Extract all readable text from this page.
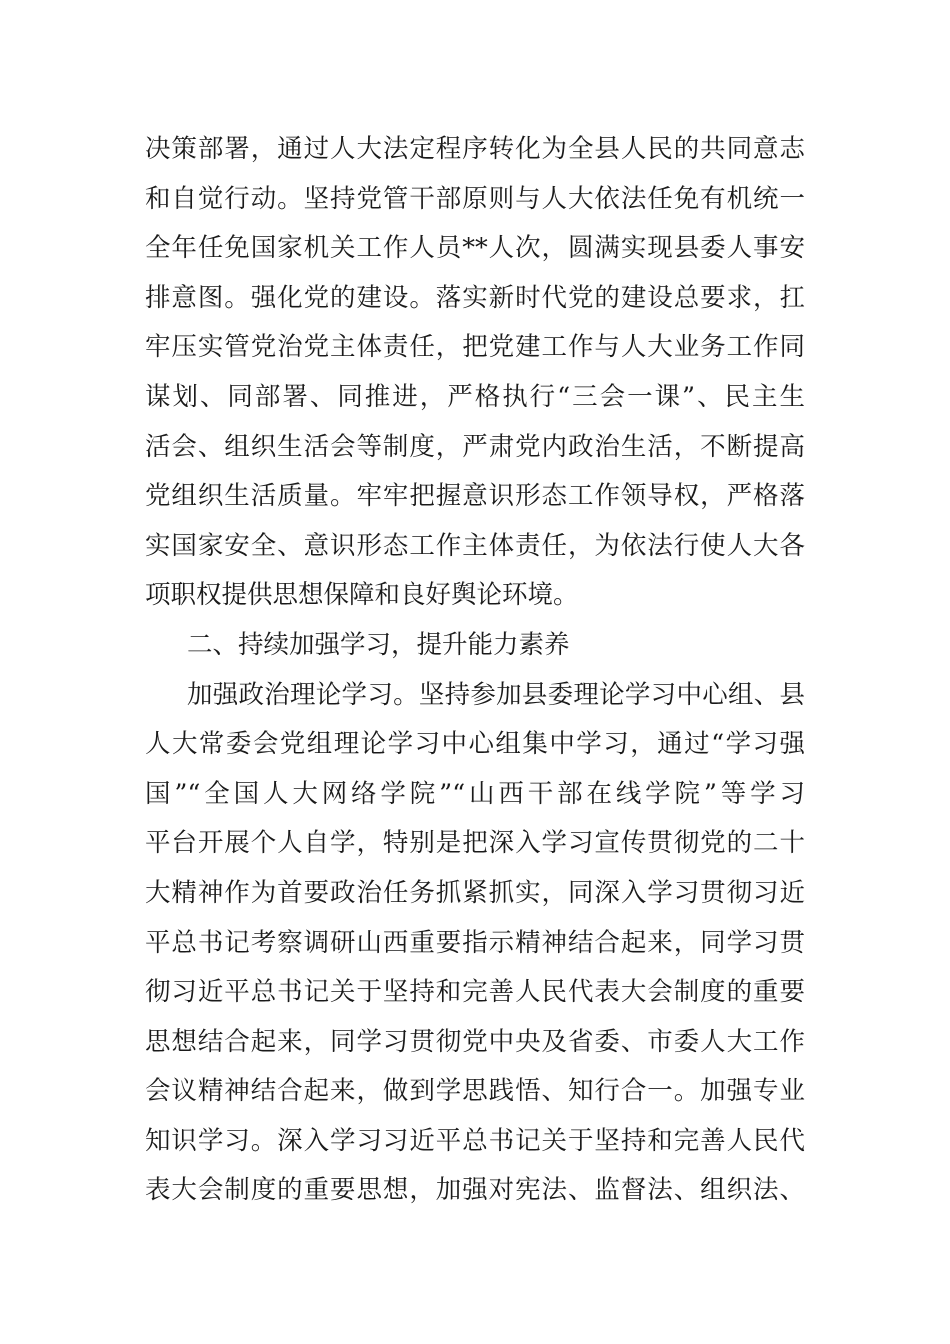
决策部署，通过人大法定程序转化为全县人民的共同意志
和自觉行动。坚持党管干部原则与人大依法任免有机统一
全年任免国家机关工作人员**人次，圆满实现县委人事安
排意图。强化党的建设。落实新时代党的建设总要求，扛
牢压实管党治党主体责任，把党建工作与人大业务工作同
谋划、同部署、同推进，严格执行“三会一课”、民主生
活会、组织生活会等制度，严肃党内政治生活，不断提高
党组织生活质量。牢牢把握意识形态工作领导权，严格落
实国家安全、意识形态工作主体责任，为依法行使人大各
项职权提供思想保障和良好舆论环境。
二、持续加强学习，提升能力素养
加强政治理论学习。坚持参加县委理论学习中心组、县
人大常委会党组理论学习中心组集中学习，通过“学习强
国”“全国人大网络学院”“山西干部在线学院”等学习
平台开展个人自学，特别是把深入学习宣传贯彻党的二十
大精神作为首要政治任务抓紧抓实，同深入学习贯彻习近
平总书记考察调研山西重要指示精神结合起来，同学习贯
彻习近平总书记关于坚持和完善人民代表大会制度的重要
思想结合起来，同学习贯彻党中央及省委、市委人大工作
会议精神结合起来，做到学思践悟、知行合一。加强专业
知识学习。深入学习习近平总书记关于坚持和完善人民代
表大会制度的重要思想，加强对宪法、监督法、组织法、
